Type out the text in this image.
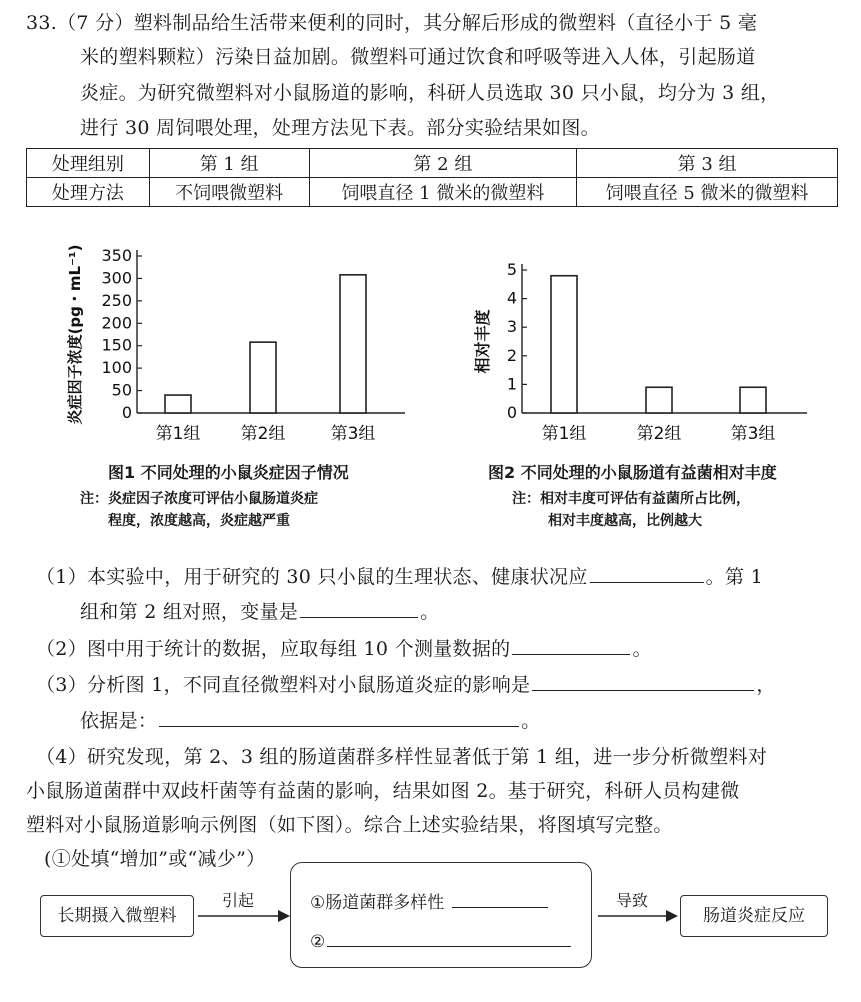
33.（7 分）塑料制品给生活带来便利的同时，其分解后形成的微塑料（直径小于 5 毫
米的塑料颗粒）污染日益加剧。微塑料可通过饮食和呼吸等进入人体，引起肠道
炎症。为研究微塑料对小鼠肠道的影响，科研人员选取 30 只小鼠，均分为 3 组，
进行 30 周饲喂处理，处理方法见下表。部分实验结果如图。
处理组别	第 1 组	第 2 组	第 3 组
处理方法	不饲喂微塑料	饲喂直径 1 微米的微塑料	饲喂直径 5 微米的微塑料
0
50
100
150
200
250
300
350
炎症因子浓度(pg・mL⁻¹)
第1组 第2组	第3组
图1 不同处理的小鼠炎症因子情况
注：炎症因子浓度可评估小鼠肠道炎症
程度，浓度越高，炎症越严重
0
1
2
3
4
5
相对丰度
第1组	第2组	第3组
图2 不同处理的小鼠肠道有益菌相对丰度
注：相对丰度可评估有益菌所占比例，
相对丰度越高，比例越大
（1）本实验中，用于研究的 30 只小鼠的生理状态、健康状况应	。第 1
组和第 2 组对照，变量是	。
（2）图中用于统计的数据，应取每组 10 个测量数据的	。
（3）分析图 1，不同直径微塑料对小鼠肠道炎症的影响是	，
依据是：	。
（4）研究发现，第 2、3 组的肠道菌群多样性显著低于第 1 组，进一步分析微塑料对
小鼠肠道菌群中双歧杆菌等有益菌的影响，结果如图 2。基于研究，科研人员构建微
塑料对小鼠肠道影响示例图（如下图）。综合上述实验结果，将图填写完整。
(①处填“增加”或“减少”）
长期摄入微塑料
引起	①肠道菌群多样性
②
导致
肠道炎症反应
